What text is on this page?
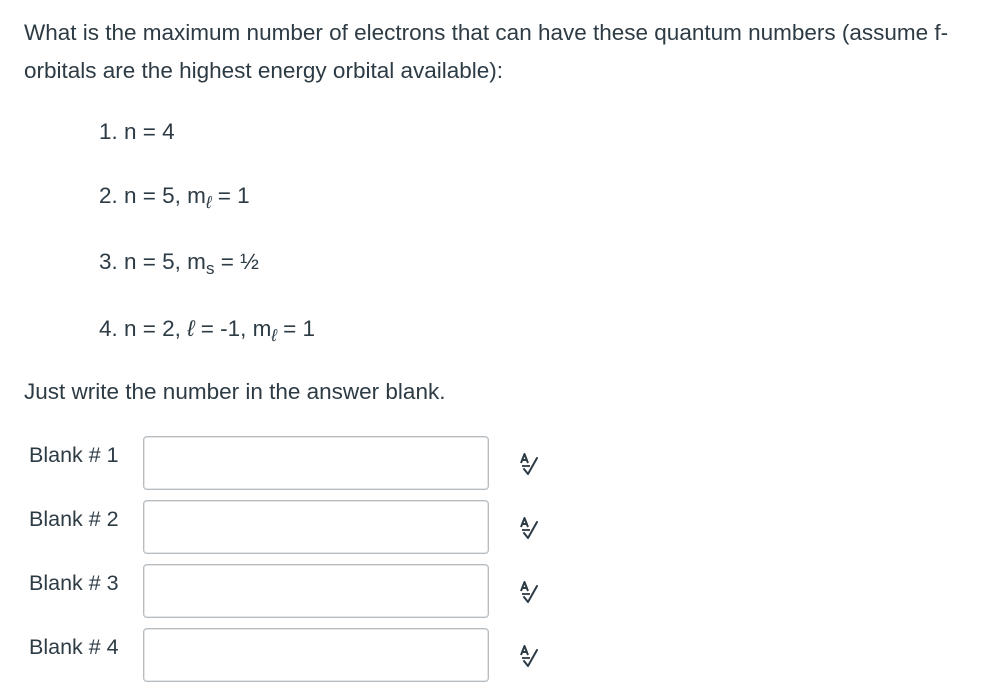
What is the maximum number of electrons that can have these quantum numbers (assume f-orbitals are the highest energy orbital available):

1. n = 4
2. n = 5, $m_\ell = 1$
3. n = 5, $m_s$ = ½
4. n = 2, ℓ = -1, $m_\ell = 1$

Just write the number in the answer blank.

Blank # 1
Blank # 2
Blank # 3
Blank # 4
